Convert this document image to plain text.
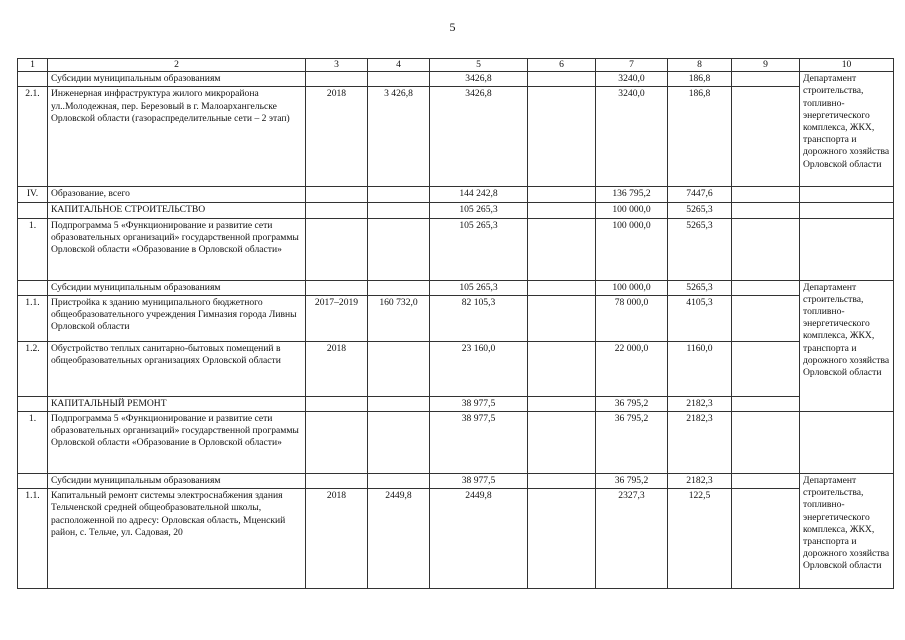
5
1	2	3	4	5	6	7	8	9	10
	Субсидии муниципальным образованиям			3426,8		3240,0	186,8		Департамент строительства, топливно-энергетического комплекса, ЖКХ, транспорта и дорожного хозяйства Орловской области
2.1.	Инженерная инфраструктура жилого микрорайона ул..Молодежная, пер. Березовый в г. Малоархангельске Орловской области (газораспределительные сети – 2 этап)	2018	3 426,8	3426,8		3240,0	186,8		
IV.	Образование, всего			144 242,8		136 795,2	7447,6		
	КАПИТАЛЬНОЕ СТРОИТЕЛЬСТВО			105 265,3		100 000,0	5265,3		
1.	Подпрограмма 5 «Функционирование и развитие сети образовательных организаций» государственной программы Орловской области «Образование в Орловской области»			105 265,3		100 000,0	5265,3		
	Субсидии муниципальным образованиям			105 265,3		100 000,0	5265,3		Департамент строительства, топливно-энергетического комплекса, ЖКХ, транспорта и дорожного хозяйства Орловской области
1.1.	Пристройка к зданию муниципального бюджетного общеобразовательного учреждения Гимназия города Ливны Орловской области	2017–2019	160 732,0	82 105,3		78 000,0	4105,3		
1.2.	Обустройство теплых санитарно-бытовых помещений в общеобразовательных организациях Орловской области	2018		23 160,0		22 000,0	1160,0		
	КАПИТАЛЬНЫЙ РЕМОНТ			38 977,5		36 795,2	2182,3		
1.	Подпрограмма 5 «Функционирование и развитие сети образовательных организаций» государственной программы Орловской области «Образование в Орловской области»			38 977,5		36 795,2	2182,3		
	Субсидии муниципальным образованиям			38 977,5		36 795,2	2182,3		Департамент строительства, топливно-энергетического комплекса, ЖКХ, транспорта и дорожного хозяйства Орловской области
1.1.	Капитальный ремонт системы электроснабжения здания Тельченской средней общеобразовательной школы, расположенной по адресу: Орловская область, Мценский район, с. Тельче, ул. Садовая, 20	2018	2449,8	2449,8		2327,3	122,5		
